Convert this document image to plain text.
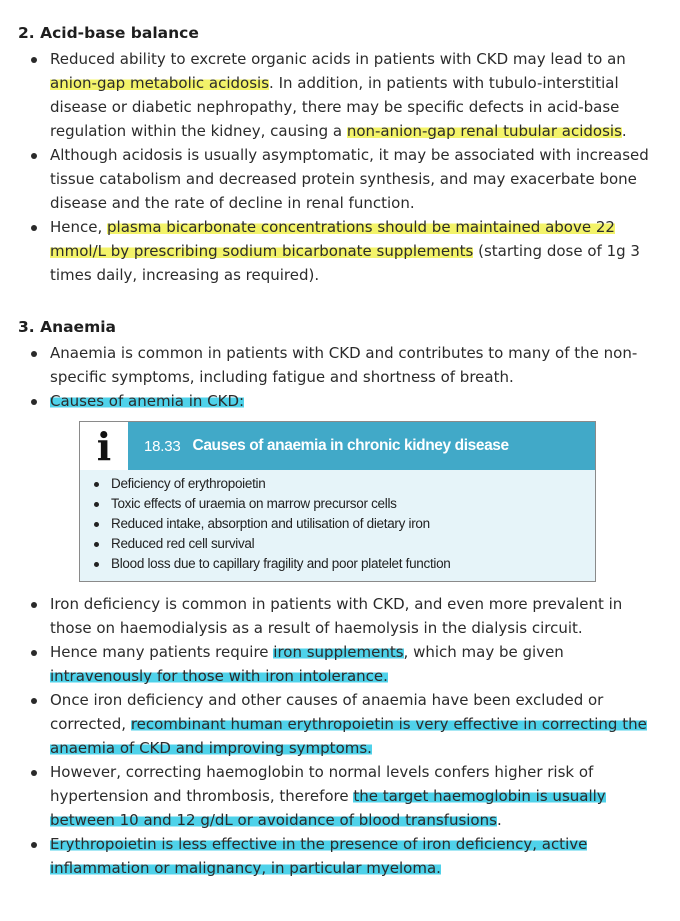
2. Acid-base balance
Reduced ability to excrete organic acids in patients with CKD may lead to an anion-gap metabolic acidosis. In addition, in patients with tubulo-interstitial disease or diabetic nephropathy, there may be specific defects in acid-base regulation within the kidney, causing a non-anion-gap renal tubular acidosis.
Although acidosis is usually asymptomatic, it may be associated with increased tissue catabolism and decreased protein synthesis, and may exacerbate bone disease and the rate of decline in renal function.
Hence, plasma bicarbonate concentrations should be maintained above 22 mmol/L by prescribing sodium bicarbonate supplements (starting dose of 1g 3 times daily, increasing as required).
3. Anaemia
Anaemia is common in patients with CKD and contributes to many of the non-specific symptoms, including fatigue and shortness of breath.
Causes of anemia in CKD:
i	18.33 Causes of anaemia in chronic kidney disease
Deficiency of erythropoietin
Toxic effects of uraemia on marrow precursor cells
Reduced intake, absorption and utilisation of dietary iron
Reduced red cell survival
Blood loss due to capillary fragility and poor platelet function
Iron deficiency is common in patients with CKD, and even more prevalent in those on haemodialysis as a result of haemolysis in the dialysis circuit.
Hence many patients require iron supplements, which may be given intravenously for those with iron intolerance.
Once iron deficiency and other causes of anaemia have been excluded or corrected, recombinant human erythropoietin is very effective in correcting the anaemia of CKD and improving symptoms.
However, correcting haemoglobin to normal levels confers higher risk of hypertension and thrombosis, therefore the target haemoglobin is usually between 10 and 12 g/dL or avoidance of blood transfusions.
Erythropoietin is less effective in the presence of iron deficiency, active inflammation or malignancy, in particular myeloma.
